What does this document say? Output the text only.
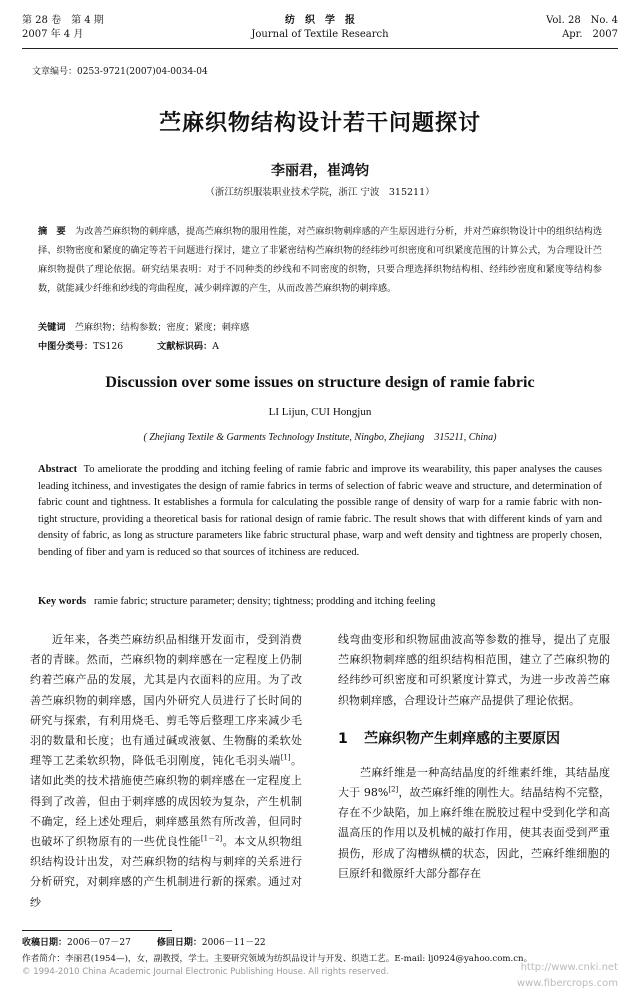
第 28 卷　第 4 期
2007 年 4 月
纺　织　学　报
Journal of Textile Research
Vol. 28　No. 4
Apr.　2007
文章编号：0253-9721(2007)04-0034-04
苎麻织物结构设计若干问题探讨
李丽君，崔鸿钧
（浙江纺织服装职业技术学院，浙江 宁波　315211）
摘　要　 为改善苎麻织物的刺痒感，提高苎麻织物的服用性能，对苎麻织物刺痒感的产生原因进行分析，并对苎麻织物设计中的组织结构选择、织物密度和紧度的确定等若干问题进行探讨，建立了非紧密结构苎麻织物的经纬纱可织密度和可织紧度范围的计算公式，为合理设计苎麻织物提供了理论依据。研究结果表明：对于不同种类的纱线和不同密度的织物，只要合理选择织物结构相、经纬纱密度和紧度等结构参数，就能减少纤维和纱线的弯曲程度，减少刺痒源的产生，从而改善苎麻织物的刺痒感。
关键词　 苎麻织物；结构参数；密度；紧度；刺痒感
中图分类号：TS126	文献标识码：A
Discussion over some issues on structure design of ramie fabric
LI Lijun, CUI Hongjun
( Zhejiang Textile & Garments Technology Institute, Ningbo, Zhejiang　315211, China)
Abstract To ameliorate the prodding and itching feeling of ramie fabric and improve its wearability, this paper analyses the causes leading itchiness, and investigates the design of ramie fabrics in terms of selection of fabric weave and structure, and determination of fabric count and tightness. It establishes a formula for calculating the possible range of density of warp for a ramie fabric with non-tight structure, providing a theoretical basis for rational design of ramie fabric. The result shows that with different kinds of yarn and density of fabric, as long as structure parameters like fabric structural phase, warp and weft density and tightness are properly chosen, bending of fiber and yarn is reduced so that sources of itchiness are reduced.
Key words ramie fabric; structure parameter; density; tightness; prodding and itching feeling

近年来，各类苎麻纺织品相继开发面市，受到消费者的青睐。然而，苎麻织物的刺痒感在一定程度上仍制约着苎麻产品的发展，尤其是内衣面料的应用。为了改善苎麻织物的刺痒感，国内外研究人员进行了长时间的研究与探索，有利用烧毛、剪毛等后整理工序来减少毛羽的数量和长度；也有通过碱或液氨、生物酶的柔软处理等工艺柔软织物，降低毛羽刚度，钝化毛羽头端[1]。诸如此类的技术措施使苎麻织物的刺痒感在一定程度上得到了改善，但由于刺痒感的成因较为复杂，产生机制不确定，经上述处理后，刺痒感虽然有所改善，但同时也破坏了织物原有的一些优良性能[1－2]。本文从织物组织结构设计出发，对苎麻织物的结构与刺痒的关系进行分析研究，对刺痒感的产生机制进行新的探索。通过对纱

线弯曲变形和织物屈曲波高等参数的推导，提出了克服苎麻织物刺痒感的组织结构相范围，建立了苎麻织物的经纬纱可织密度和可织紧度计算式，为进一步改善苎麻织物刺痒感，合理设计苎麻产品提供了理论依据。

1 苎麻织物产生刺痒感的主要原因

苎麻纤维是一种高结晶度的纤维素纤维，其结晶度大于 98%[2]，故苎麻纤维的刚性大。结晶结构不完整，存在不少缺陷，加上麻纤维在脱胶过程中受到化学和高温高压的作用以及机械的敲打作用，使其表面受到严重损伤，形成了沟槽纵横的状态，因此，苎麻纤维细胞的巨原纤和微原纤大部分都存在

收稿日期：2006－07－27	修回日期：2006－11－22
作者简介：李丽君(1954—)，女，副教授，学士。主要研究领域为纺织品设计与开发、织造工艺。E-mail: lj0924@yahoo.com.cn。
© 1994-2010 China Academic Journal Electronic Publishing House. All rights reserved.	http://www.cnki.net
www.fibercrops.com
